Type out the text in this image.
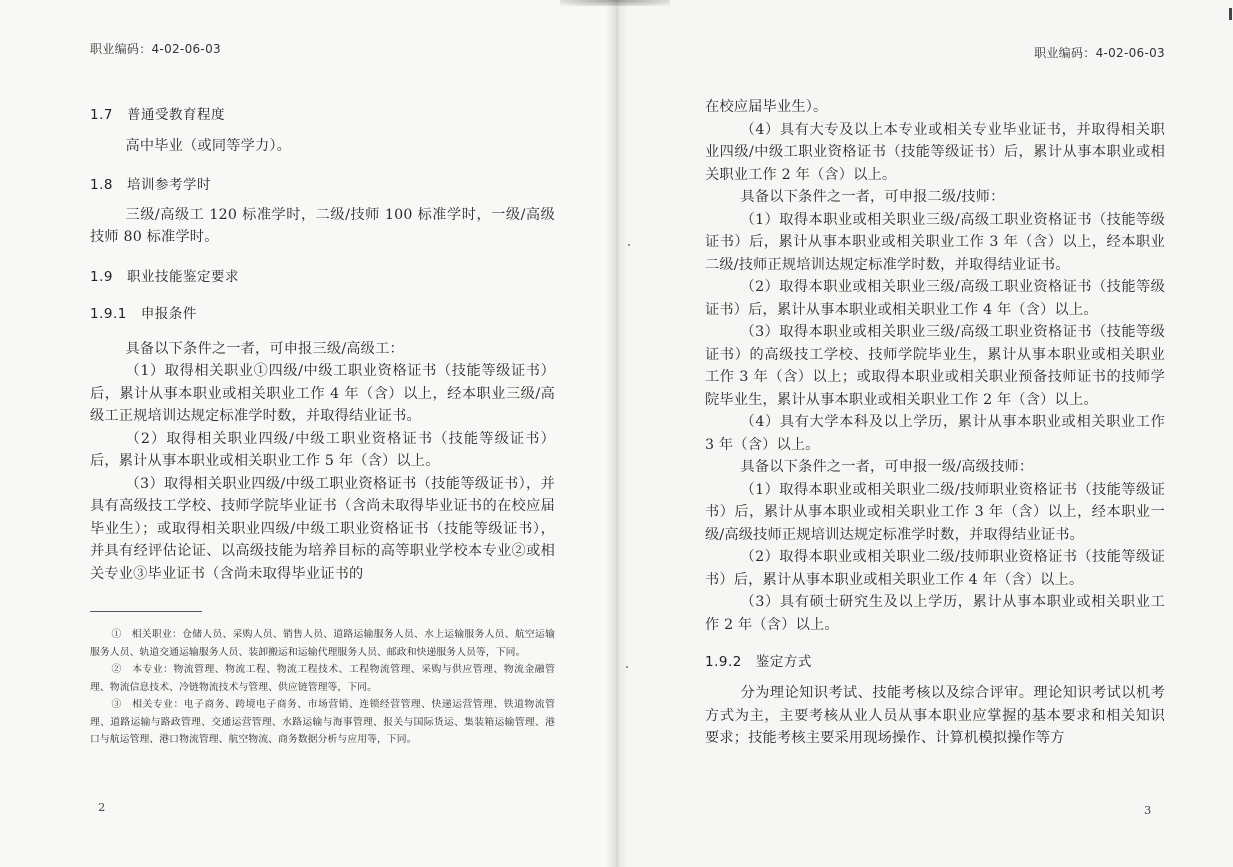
职业编码：4-02-06-03
1.7　普通受教育程度

高中毕业（或同等学力）。

1.8　培训参考学时

三级/高级工 120 标准学时，二级/技师 100 标准学时，一级/高级技师 80 标准学时。

1.9　职业技能鉴定要求
1.9.1　申报条件

具备以下条件之一者，可申报三级/高级工：

（1）取得相关职业①四级/中级工职业资格证书（技能等级证书）后，累计从事本职业或相关职业工作 4 年（含）以上，经本职业三级/高级工正规培训达规定标准学时数，并取得结业证书。

（2）取得相关职业四级/中级工职业资格证书（技能等级证书）后，累计从事本职业或相关职业工作 5 年（含）以上。

（3）取得相关职业四级/中级工职业资格证书（技能等级证书），并具有高级技工学校、技师学院毕业证书（含尚未取得毕业证书的在校应届毕业生）；或取得相关职业四级/中级工职业资格证书（技能等级证书），并具有经评估论证、以高级技能为培养目标的高等职业学校本专业②或相关专业③毕业证书（含尚未取得毕业证书的

①　相关职业：仓储人员、采购人员、销售人员、道路运输服务人员、水上运输服务人员、航空运输服务人员、轨道交通运输服务人员、装卸搬运和运输代理服务人员、邮政和快递服务人员等，下同。

②　本专业：物流管理、物流工程、物流工程技术、工程物流管理、采购与供应管理、物流金融管理、物流信息技术、冷链物流技术与管理、供应链管理等，下同。

③　相关专业：电子商务、跨境电子商务、市场营销、连锁经营管理、快递运营管理、铁道物流管理、道路运输与路政管理、交通运营管理、水路运输与海事管理、报关与国际货运、集装箱运输管理、港口与航运管理、港口物流管理、航空物流、商务数据分析与应用等，下同。

2
职业编码：4-02-06-03

在校应届毕业生）。

（4）具有大专及以上本专业或相关专业毕业证书，并取得相关职业四级/中级工职业资格证书（技能等级证书）后，累计从事本职业或相关职业工作 2 年（含）以上。

具备以下条件之一者，可申报二级/技师：

（1）取得本职业或相关职业三级/高级工职业资格证书（技能等级证书）后，累计从事本职业或相关职业工作 3 年（含）以上，经本职业二级/技师正规培训达规定标准学时数，并取得结业证书。

（2）取得本职业或相关职业三级/高级工职业资格证书（技能等级证书）后，累计从事本职业或相关职业工作 4 年（含）以上。

（3）取得本职业或相关职业三级/高级工职业资格证书（技能等级证书）的高级技工学校、技师学院毕业生，累计从事本职业或相关职业工作 3 年（含）以上；或取得本职业或相关职业预备技师证书的技师学院毕业生，累计从事本职业或相关职业工作 2 年（含）以上。

（4）具有大学本科及以上学历，累计从事本职业或相关职业工作 3 年（含）以上。

具备以下条件之一者，可申报一级/高级技师：

（1）取得本职业或相关职业二级/技师职业资格证书（技能等级证书）后，累计从事本职业或相关职业工作 3 年（含）以上，经本职业一级/高级技师正规培训达规定标准学时数，并取得结业证书。

（2）取得本职业或相关职业二级/技师职业资格证书（技能等级证书）后，累计从事本职业或相关职业工作 4 年（含）以上。

（3）具有硕士研究生及以上学历，累计从事本职业或相关职业工作 2 年（含）以上。

1.9.2　鉴定方式

分为理论知识考试、技能考核以及综合评审。理论知识考试以机考方式为主，主要考核从业人员从事本职业应掌握的基本要求和相关知识要求；技能考核主要采用现场操作、计算机模拟操作等方

3
